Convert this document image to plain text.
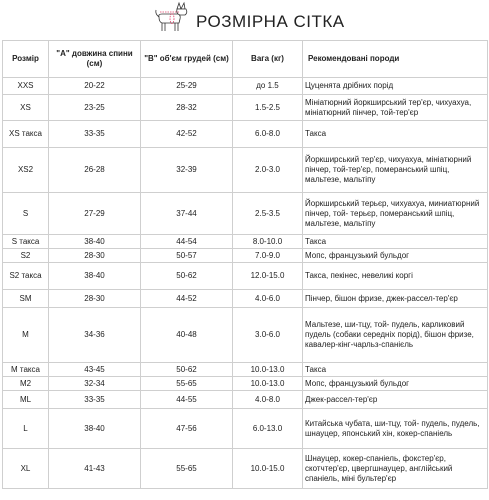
РОЗМІРНА СІТКА
Розмір	"А" довжина спини (см)	"В" об'єм грудей (см)	Вага (кг)	Рекомендовані породи
XXS	20-22	25-29	до 1.5	Цуценята дрібних порід
XS	23-25	28-32	1.5-2.5	Мініатюрний йоркширський тер'єр, чихуахуа, мініатюрний пінчер, той-тер'єр
XS такса	33-35	42-52	6.0-8.0	Такса
XS2	26-28	32-39	2.0-3.0	Йоркширський тер'єр, чихуахуа, мініатюрний пінчер, той-тер'єр, померанський шпіц, мальтезе, мальтіпу
S	27-29	37-44	2.5-3.5	Йоркширський терьєр, чихуахуа, миниатюрний пінчер, той- терьєр, померанський шпіц, мальтезе, мальтіпу
S такса	38-40	44-54	8.0-10.0	Такса
S2	28-30	50-57	7.0-9.0	Мопс, французький бульдог
S2 такса	38-40	50-62	12.0-15.0	Такса, пекінес, невеликі коргі
SM	28-30	44-52	4.0-6.0	Пінчер, бішон фризе, джек-рассел-тер'єр
M	34-36	40-48	3.0-6.0	Мальтезе, ши-тцу, той- пудель, карликовий пудель (собаки середніх порід), бішон фризе, кавалер-кінг-чарльз-спанієль
M такса	43-45	50-62	10.0-13.0	Такса
M2	32-34	55-65	10.0-13.0	Мопс, французький бульдог
ML	33-35	44-55	4.0-8.0	Джек-рассел-тер'єр
L	38-40	47-56	6.0-13.0	Китайська чубата, ши-тцу, той- пудель, пудель, шнауцер, японський хін, кокер-спаніель
XL	41-43	55-65	10.0-15.0	Шнауцер, кокер-спаніель, фокстер'єр, скотчтер'єр, цвергшнауцер, англійський спаніель, міні бультер'єр
